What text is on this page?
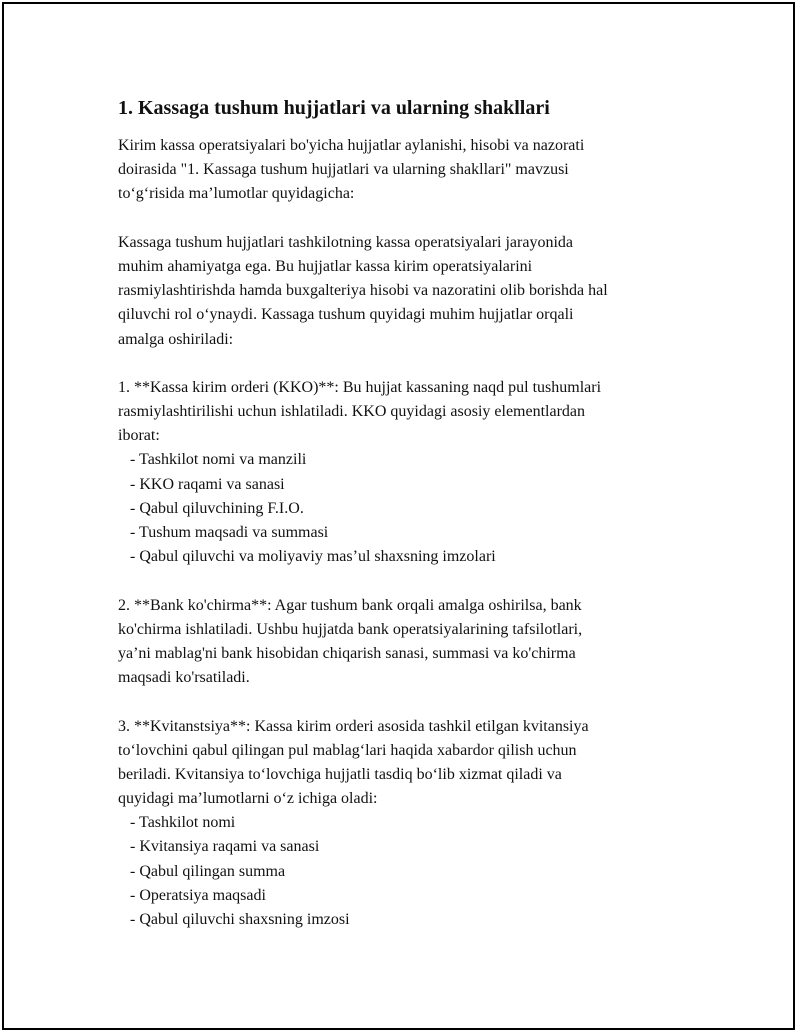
1. Kassaga tushum hujjatlari va ularning shakllari

Kirim kassa operatsiyalari bo'yicha hujjatlar aylanishi, hisobi va nazorati
doirasida "1. Kassaga tushum hujjatlari va ularning shakllari" mavzusi
to‘g‘risida ma’lumotlar quyidagicha:

Kassaga tushum hujjatlari tashkilotning kassa operatsiyalari jarayonida
muhim ahamiyatga ega. Bu hujjatlar kassa kirim operatsiyalarini
rasmiylashtirishda hamda buxgalteriya hisobi va nazoratini olib borishda hal
qiluvchi rol o‘ynaydi. Kassaga tushum quyidagi muhim hujjatlar orqali
amalga oshiriladi:

1. **Kassa kirim orderi (KKO)**: Bu hujjat kassaning naqd pul tushumlari
rasmiylashtirilishi uchun ishlatiladi. KKO quyidagi asosiy elementlardan
iborat:
- Tashkilot nomi va manzili
- KKO raqami va sanasi
- Qabul qiluvchining F.I.O.
- Tushum maqsadi va summasi
- Qabul qiluvchi va moliyaviy mas’ul shaxsning imzolari
2. **Bank ko'chirma**: Agar tushum bank orqali amalga oshirilsa, bank
ko'chirma ishlatiladi. Ushbu hujjatda bank operatsiyalarining tafsilotlari,
ya’ni mablag'ni bank hisobidan chiqarish sanasi, summasi va ko'chirma
maqsadi ko'rsatiladi.
3. **Kvitanstsiya**: Kassa kirim orderi asosida tashkil etilgan kvitansiya
to‘lovchini qabul qilingan pul mablag‘lari haqida xabardor qilish uchun
beriladi. Kvitansiya to‘lovchiga hujjatli tasdiq bo‘lib xizmat qiladi va
quyidagi ma’lumotlarni o‘z ichiga oladi:
- Tashkilot nomi
- Kvitansiya raqami va sanasi
- Qabul qilingan summa
- Operatsiya maqsadi
- Qabul qiluvchi shaxsning imzosi
